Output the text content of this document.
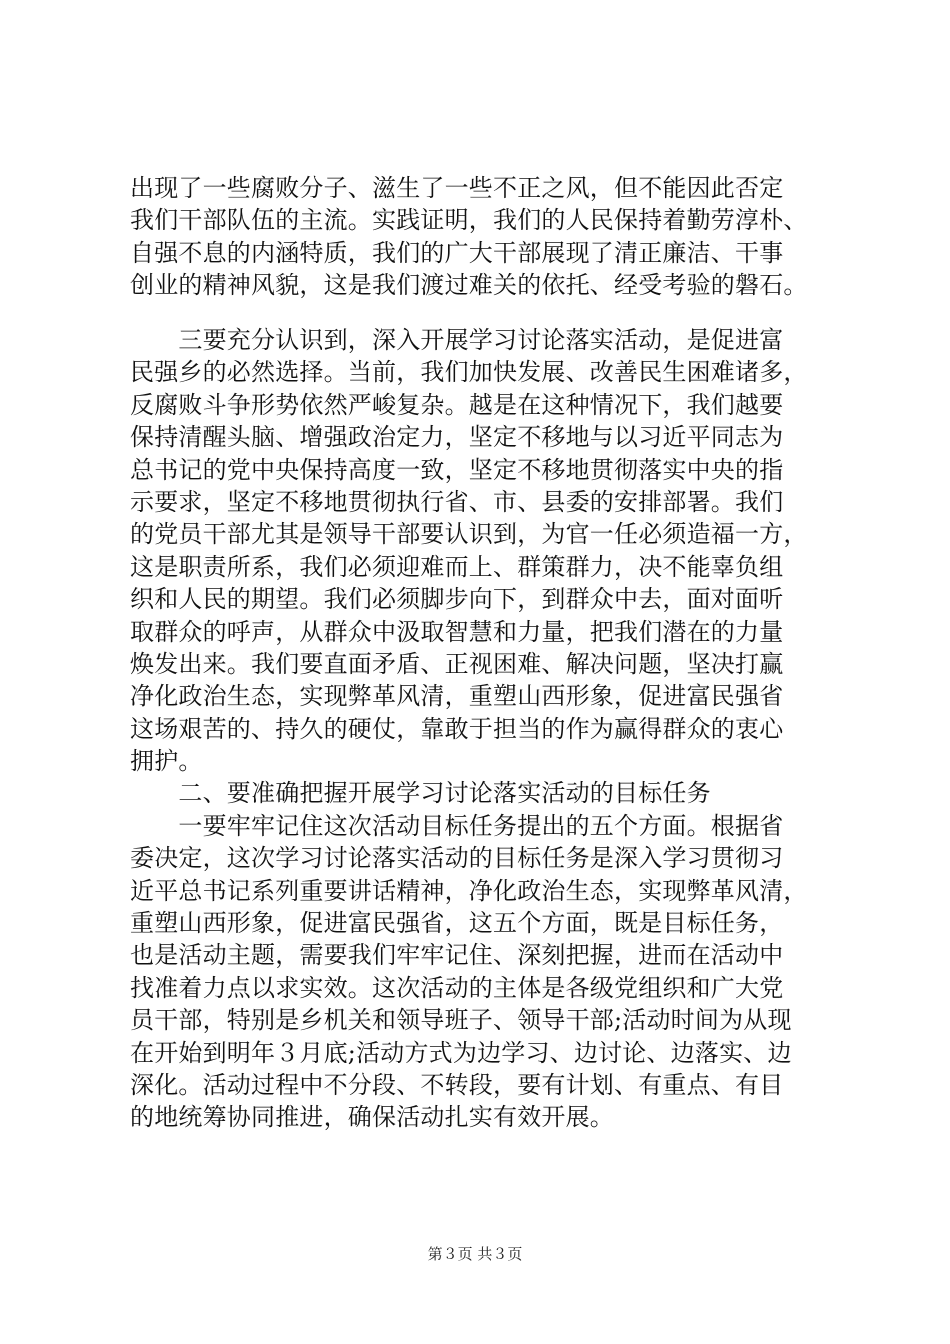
出现了一些腐败分子、滋生了一些不正之风，但不能因此否定
我们干部队伍的主流。实践证明，我们的人民保持着勤劳淳朴、
自强不息的内涵特质，我们的广大干部展现了清正廉洁、干事
创业的精神风貌，这是我们渡过难关的依托、经受考验的磐石。
　　三要充分认识到，深入开展学习讨论落实活动，是促进富
民强乡的必然选择。当前，我们加快发展、改善民生困难诸多，
反腐败斗争形势依然严峻复杂。越是在这种情况下，我们越要
保持清醒头脑、增强政治定力，坚定不移地与以习近平同志为
总书记的党中央保持高度一致，坚定不移地贯彻落实中央的指
示要求，坚定不移地贯彻执行省、市、县委的安排部署。我们
的党员干部尤其是领导干部要认识到，为官一任必须造福一方，
这是职责所系，我们必须迎难而上、群策群力，决不能辜负组
织和人民的期望。我们必须脚步向下，到群众中去，面对面听
取群众的呼声，从群众中汲取智慧和力量，把我们潜在的力量
焕发出来。我们要直面矛盾、正视困难、解决问题，坚决打赢
净化政治生态，实现弊革风清，重塑山西形象，促进富民强省
这场艰苦的、持久的硬仗，靠敢于担当的作为赢得群众的衷心
拥护。
　　二、要准确把握开展学习讨论落实活动的目标任务
　　一要牢牢记住这次活动目标任务提出的五个方面。根据省
委决定，这次学习讨论落实活动的目标任务是深入学习贯彻习
近平总书记系列重要讲话精神，净化政治生态，实现弊革风清，
重塑山西形象，促进富民强省，这五个方面，既是目标任务，
也是活动主题，需要我们牢牢记住、深刻把握，进而在活动中
找准着力点以求实效。这次活动的主体是各级党组织和广大党
员干部，特别是乡机关和领导班子、领导干部;活动时间为从现
在开始到明年３月底;活动方式为边学习、边讨论、边落实、边
深化。活动过程中不分段、不转段，要有计划、有重点、有目
的地统筹协同推进，确保活动扎实有效开展。
第３页 共３页
